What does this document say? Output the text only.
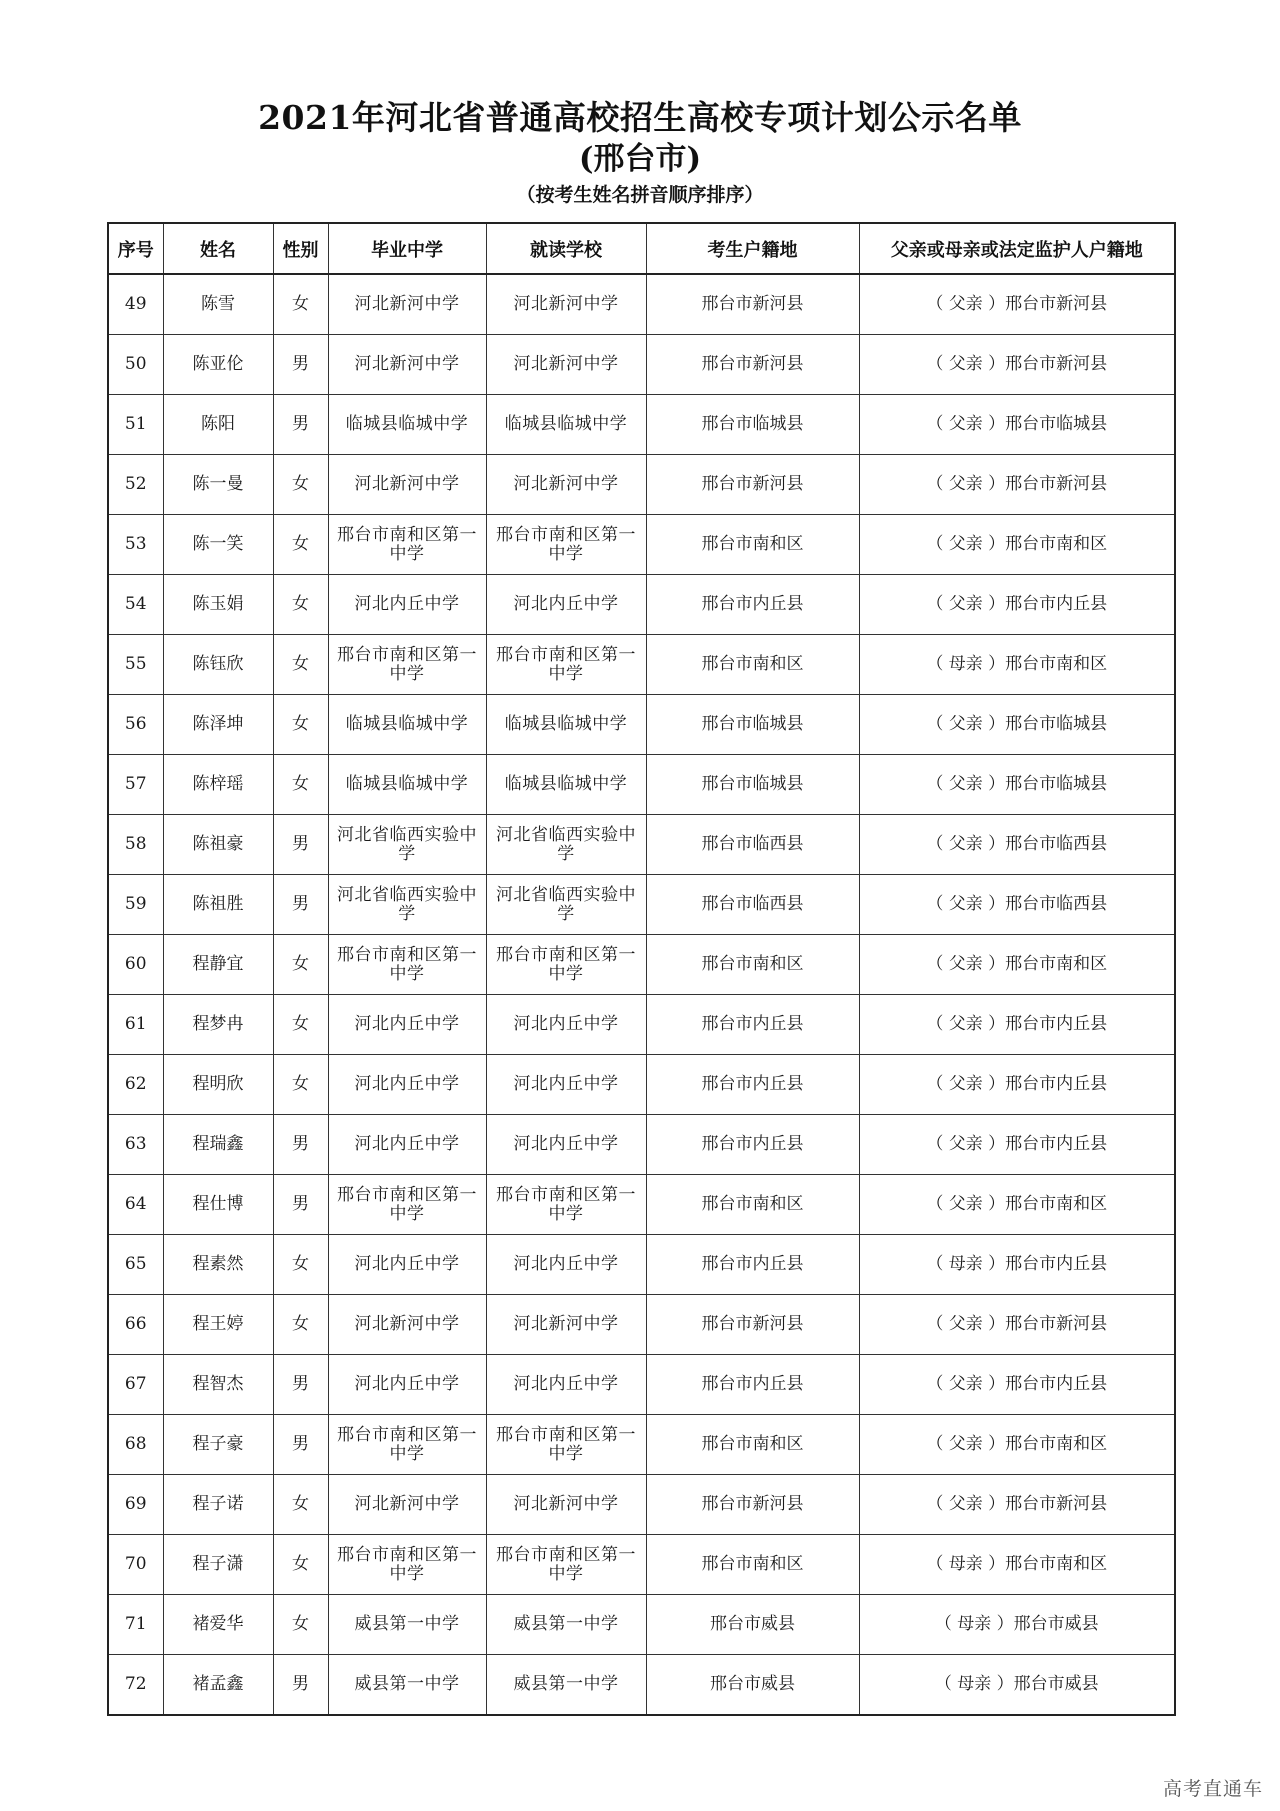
2021年河北省普通高校招生高校专项计划公示名单
(邢台市)
（按考生姓名拼音顺序排序）
序号	姓名	性别	毕业中学	就读学校	考生户籍地	父亲或母亲或法定监护人户籍地
49	陈雪	女	河北新河中学	河北新河中学	邢台市新河县	（ 父亲 ）邢台市新河县
50	陈亚伦	男	河北新河中学	河北新河中学	邢台市新河县	（ 父亲 ）邢台市新河县
51	陈阳	男	临城县临城中学	临城县临城中学	邢台市临城县	（ 父亲 ）邢台市临城县
52	陈一曼	女	河北新河中学	河北新河中学	邢台市新河县	（ 父亲 ）邢台市新河县
53	陈一笑	女	邢台市南和区第一中学	邢台市南和区第一中学	邢台市南和区	（ 父亲 ）邢台市南和区
54	陈玉娟	女	河北内丘中学	河北内丘中学	邢台市内丘县	（ 父亲 ）邢台市内丘县
55	陈钰欣	女	邢台市南和区第一中学	邢台市南和区第一中学	邢台市南和区	（ 母亲 ）邢台市南和区
56	陈泽坤	女	临城县临城中学	临城县临城中学	邢台市临城县	（ 父亲 ）邢台市临城县
57	陈梓瑶	女	临城县临城中学	临城县临城中学	邢台市临城县	（ 父亲 ）邢台市临城县
58	陈祖豪	男	河北省临西实验中学	河北省临西实验中学	邢台市临西县	（ 父亲 ）邢台市临西县
59	陈祖胜	男	河北省临西实验中学	河北省临西实验中学	邢台市临西县	（ 父亲 ）邢台市临西县
60	程静宜	女	邢台市南和区第一中学	邢台市南和区第一中学	邢台市南和区	（ 父亲 ）邢台市南和区
61	程梦冉	女	河北内丘中学	河北内丘中学	邢台市内丘县	（ 父亲 ）邢台市内丘县
62	程明欣	女	河北内丘中学	河北内丘中学	邢台市内丘县	（ 父亲 ）邢台市内丘县
63	程瑞鑫	男	河北内丘中学	河北内丘中学	邢台市内丘县	（ 父亲 ）邢台市内丘县
64	程仕博	男	邢台市南和区第一中学	邢台市南和区第一中学	邢台市南和区	（ 父亲 ）邢台市南和区
65	程素然	女	河北内丘中学	河北内丘中学	邢台市内丘县	（ 母亲 ）邢台市内丘县
66	程王婷	女	河北新河中学	河北新河中学	邢台市新河县	（ 父亲 ）邢台市新河县
67	程智杰	男	河北内丘中学	河北内丘中学	邢台市内丘县	（ 父亲 ）邢台市内丘县
68	程子豪	男	邢台市南和区第一中学	邢台市南和区第一中学	邢台市南和区	（ 父亲 ）邢台市南和区
69	程子诺	女	河北新河中学	河北新河中学	邢台市新河县	（ 父亲 ）邢台市新河县
70	程子潇	女	邢台市南和区第一中学	邢台市南和区第一中学	邢台市南和区	（ 母亲 ）邢台市南和区
71	褚爱华	女	威县第一中学	威县第一中学	邢台市威县	（ 母亲 ）邢台市威县
72	褚孟鑫	男	威县第一中学	威县第一中学	邢台市威县	（ 母亲 ）邢台市威县
高考直通车
